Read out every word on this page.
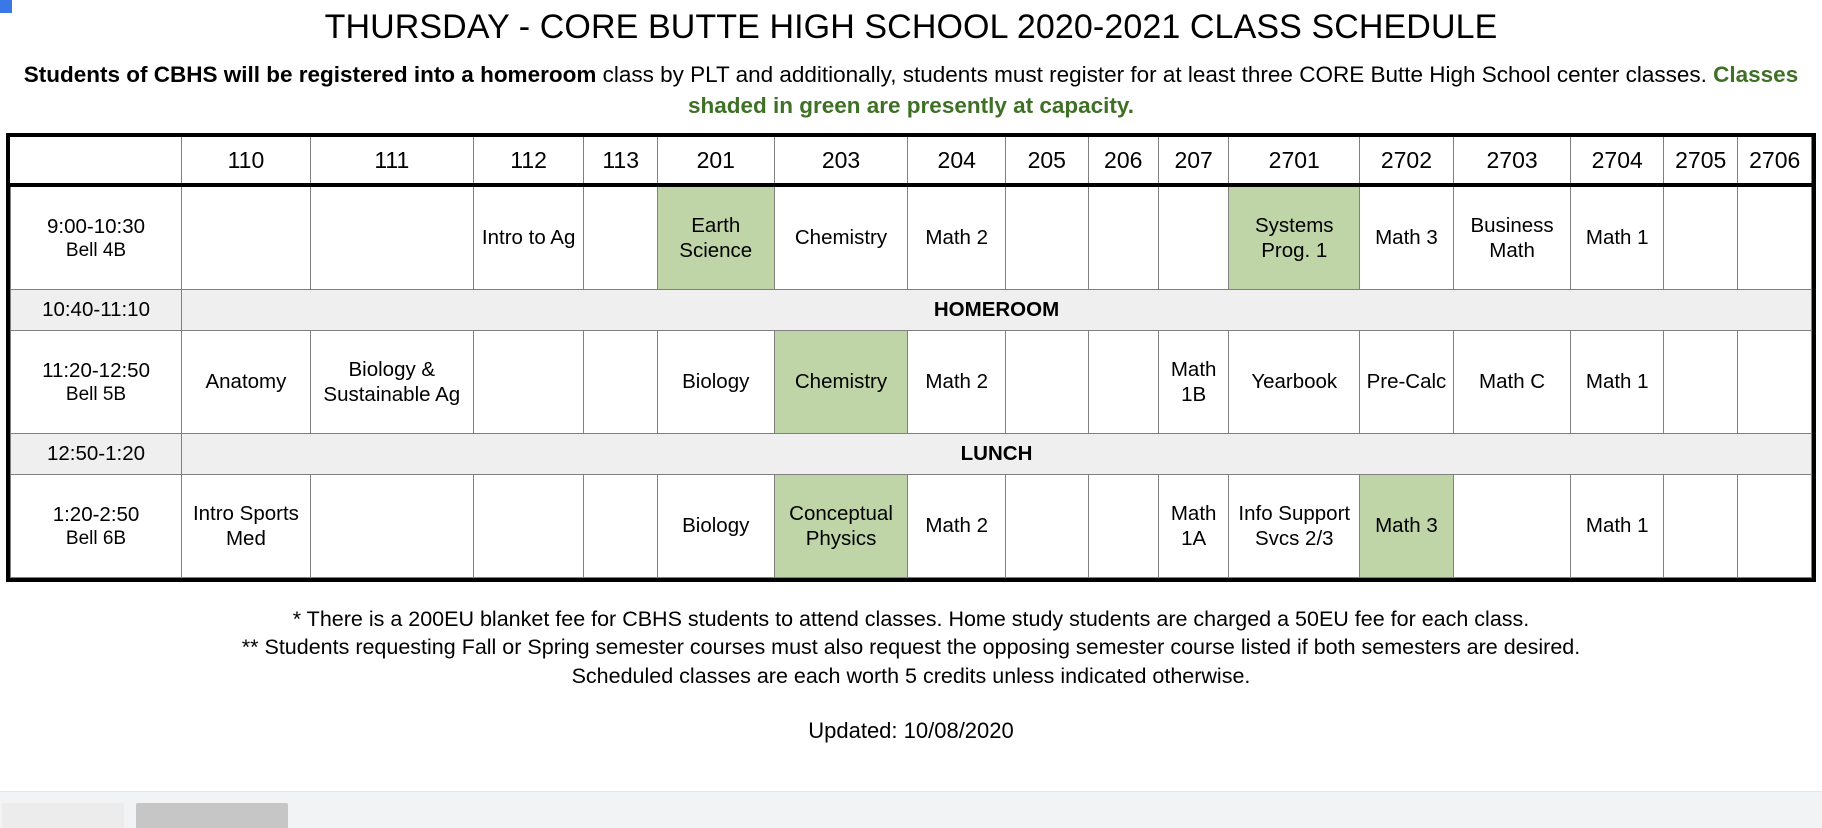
THURSDAY - CORE BUTTE HIGH SCHOOL 2020-2021 CLASS SCHEDULE

Students of CBHS will be registered into a homeroom class by PLT and additionally, students must register for at least three CORE Butte High School center classes. Classes shaded in green are presently at capacity.

	110	111	112	113	201	203	204	205	206	207	2701	2702	2703	2704	2705	2706
9:00-10:30
Bell 4B			Intro to Ag		Earth Science	Chemistry	Math 2				Systems Prog. 1	Math 3	Business Math	Math 1		
10:40-11:10	HOMEROOM															
11:20-12:50
Bell 5B	Anatomy	Biology & Sustainable Ag			Biology	Chemistry	Math 2			Math 1B	Yearbook	Pre-Calc	Math C	Math 1		
12:50-1:20	LUNCH															
1:20-2:50
Bell 6B	Intro Sports Med				Biology	Conceptual Physics	Math 2			Math 1A	Info Support Svcs 2/3	Math 3		Math 1		
* There is a 200EU blanket fee for CBHS students to attend classes. Home study students are charged a 50EU fee for each class.
** Students requesting Fall or Spring semester courses must also request the opposing semester course listed if both semesters are desired.
Scheduled classes are each worth 5 credits unless indicated otherwise.
Updated: 10/08/2020
